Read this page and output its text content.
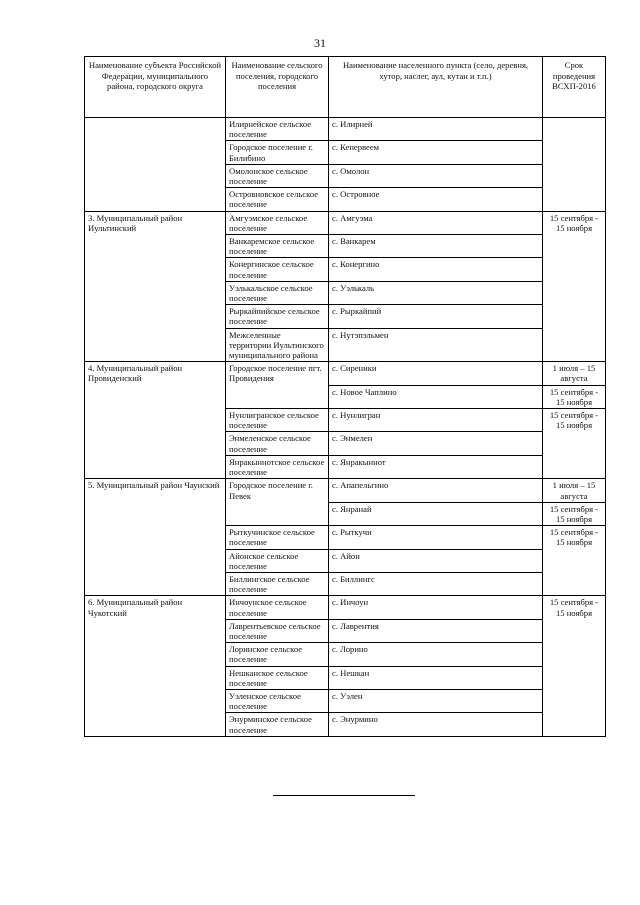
31
Наименование субъекта Российской Федерации, муниципального района, городского округа	Наименование сельского поселения, городского поселения	Наименование населенного пункта (село, деревня, хутор, наслег, аул, кутан и т.п.)	Срок проведения ВСХП-2016
	Илирнейское сельское поселение	с. Илирней	
	Городское поселение г. Билибино	с. Кепервеем	
	Омолонское сельское поселение	с. Омолон	
	Островновское сельское поселение	с. Островное	
3. Муниципальный район Иультинский	Амгуэмское сельское поселение	с. Амгуэма	15 сентября - 15 ноября
	Ванкаремское сельское поселение	с. Ванкарем	
	Конергинское сельское поселение	с. Конергино	
	Уэлькальское сельское поселение	с. Уэлькаль	
	Рыркайпийское сельское поселение	с. Рыркайпий	
	Межселенные территории Иультинского муниципального района	с. Нутэпэльмен	
4. Муниципальный район Провиденский	Городское поселение пгт. Провидения	с. Сиреники	1 июля – 15 августа
		с. Новое Чаплино	15 сентября - 15 ноября
	Нунлигранское сельское поселение	с. Нунлигран	15 сентября - 15 ноября
	Энмеленское сельское поселение	с. Энмелен	
	Янракыннотское сельское поселение	с. Янракыннот	
5. Муниципальный район Чаунский	Городское поселение г. Певек	с. Апапельгино	1 июля – 15 августа
		с. Янранай	15 сентября - 15 ноября
	Рыткучинское сельское поселение	с. Рыткучи	15 сентября - 15 ноября
	Айонское сельское поселение	с. Айон	
	Биллингское сельское поселение	с. Биллингс	
6. Муниципальный район Чукотский	Инчоунское сельское поселение	с. Инчоун	15 сентября - 15 ноября
	Лаврентьевское сельское поселение	с. Лаврентия	
	Лоринское сельское поселение	с. Лорино	
	Нешканское сельское поселение	с. Нешкан	
	Уэленское сельское поселение	с. Уэлен	
	Энурминское сельское поселение	с. Энурмино	
